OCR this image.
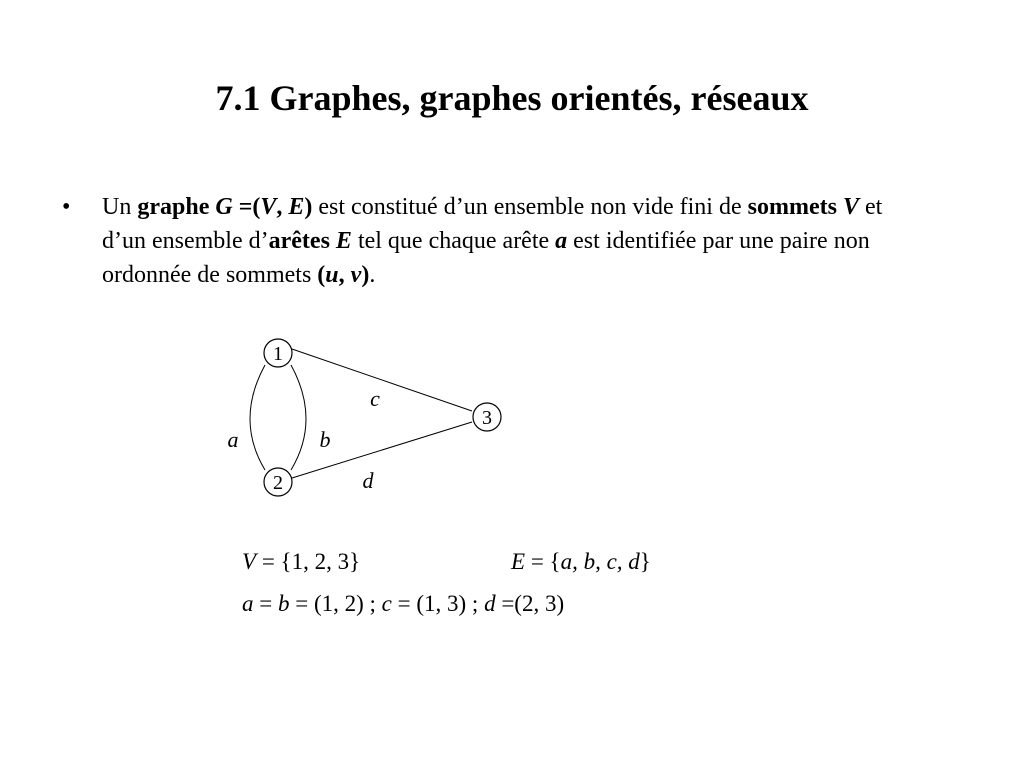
7.1 Graphes, graphes orientés, réseaux
• Un graphe G =(V, E) est constitué d’un ensemble non vide fini de sommets V et d’un ensemble d’arêtes E tel que chaque arête a est identifiée par une paire non ordonnée de sommets (u, v).
1
2
3
a	b
c
d
V = {1, 2, 3}	E = {a, b, c, d}
a = b = (1, 2) ; c = (1, 3) ; d =(2, 3)
